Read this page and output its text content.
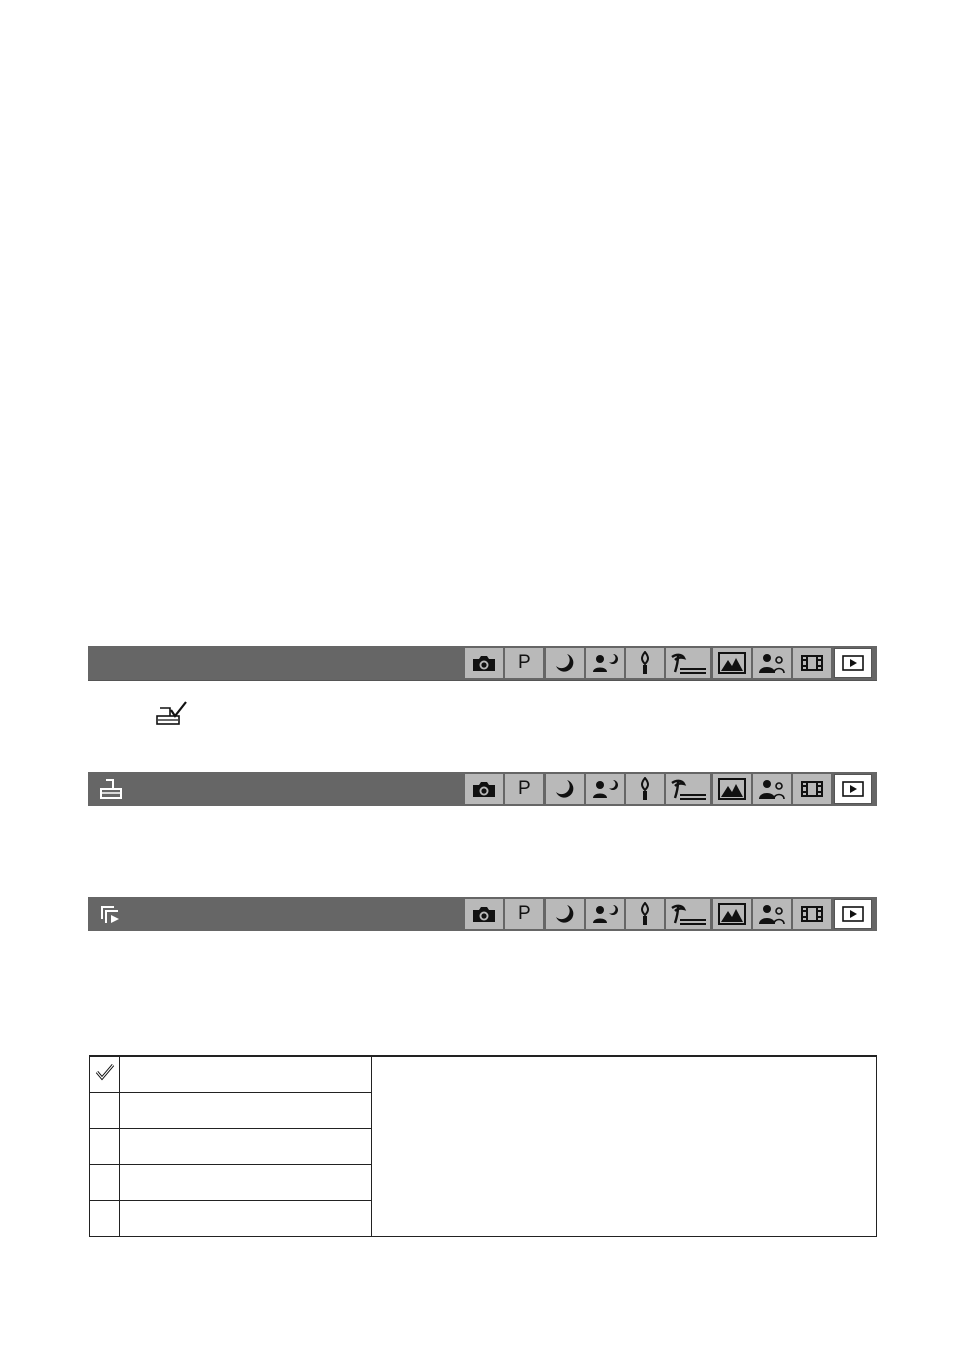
P
P
P
